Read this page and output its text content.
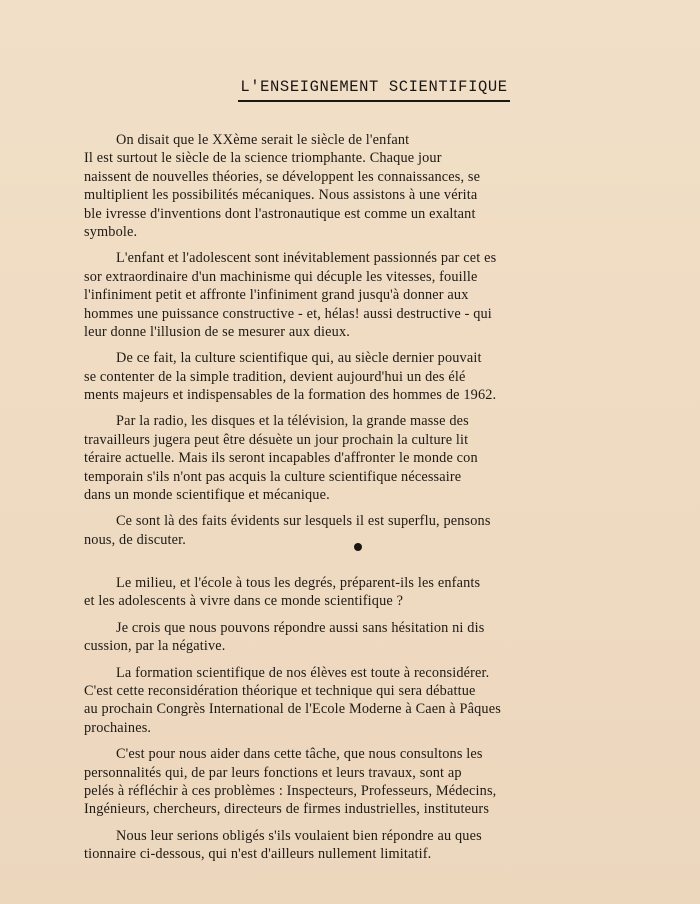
L'ENSEIGNEMENT SCIENTIFIQUE
On disait que le XXème serait le siècle de l'enfant
Il est surtout le siècle de la science triomphante. Chaque jour
naissent de nouvelles théories, se développent les connaissances, se
multiplient les possibilités mécaniques. Nous assistons à une vérita
ble ivresse d'inventions dont l'astronautique est comme un exaltant
symbole.
L'enfant et l'adolescent sont inévitablement passionnés par cet es
sor extraordinaire d'un machinisme qui décuple les vitesses, fouille
l'infiniment petit et affronte l'infiniment grand jusqu'à donner aux
hommes une puissance constructive - et, hélas! aussi destructive - qui
leur donne l'illusion de se mesurer aux dieux.
De ce fait, la culture scientifique qui, au siècle dernier pouvait
se contenter de la simple tradition, devient aujourd'hui un des élé
ments majeurs et indispensables de la formation des hommes de 1962.
Par la radio, les disques et la télévision, la grande masse des
travailleurs jugera peut être désuète un jour prochain la culture lit
téraire actuelle. Mais ils seront incapables d'affronter le monde con
temporain s'ils n'ont pas acquis la culture scientifique nécessaire
dans un monde scientifique et mécanique.
Ce sont là des faits évidents sur lesquels il est superflu, pensons
nous, de discuter.
Le milieu, et l'école à tous les degrés, préparent-ils les enfants
et les adolescents à vivre dans ce monde scientifique ?
Je crois que nous pouvons répondre aussi sans hésitation ni dis
cussion, par la négative.
La formation scientifique de nos élèves est toute à reconsidérer.
C'est cette reconsidération théorique et technique qui sera débattue
au prochain Congrès International de l'Ecole Moderne à Caen à Pâques
prochaines.
C'est pour nous aider dans cette tâche, que nous consultons les
personnalités qui, de par leurs fonctions et leurs travaux, sont ap
pelés à réfléchir à ces problèmes : Inspecteurs, Professeurs, Médecins,
Ingénieurs, chercheurs, directeurs de firmes industrielles, instituteurs
Nous leur serions obligés s'ils voulaient bien répondre au ques
tionnaire ci-dessous, qui n'est d'ailleurs nullement limitatif.
